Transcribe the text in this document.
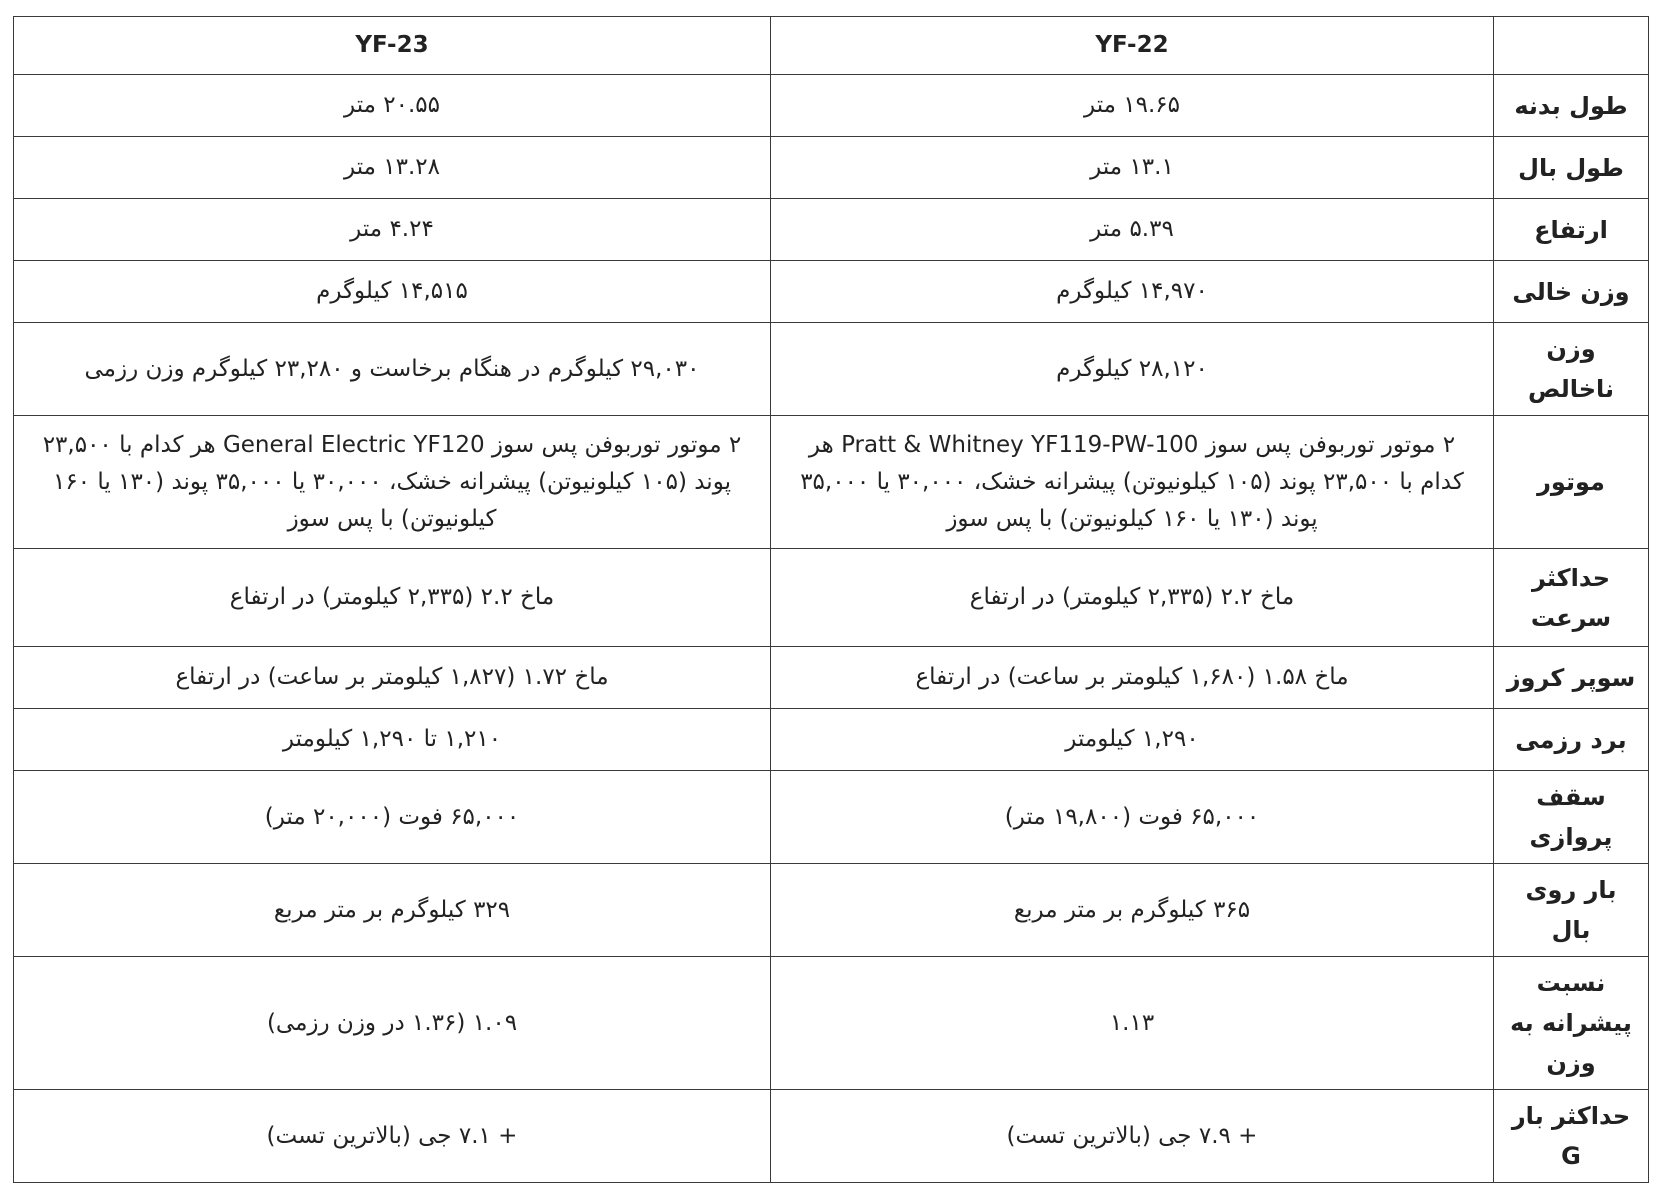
	YF-22	YF-23
طول بدنه	۱۹.۶۵ متر	۲۰.۵۵ متر
طول بال	۱۳.۱ متر	۱۳.۲۸ متر
ارتفاع	۵.۳۹ متر	۴.۲۴ متر
وزن خالی	۱۴,۹۷۰ کیلوگرم	۱۴,۵۱۵ کیلوگرم
وزن ناخالص	۲۸,۱۲۰ کیلوگرم	۲۹,۰۳۰ کیلوگرم در هنگام برخاست و ۲۳,۲۸۰ کیلوگرم وزن رزمی
موتور	۲ موتور توربوفن پس سوز Pratt & Whitney YF119-PW-100 هر کدام با ۲۳,۵۰۰ پوند (۱۰۵ کیلونیوتن) پیشرانه خشک، ۳۰,۰۰۰ یا ۳۵,۰۰۰ پوند (۱۳۰ یا ۱۶۰ کیلونیوتن) با پس سوز	۲ موتور توربوفن پس سوز General Electric YF120 هر کدام با ۲۳,۵۰۰ پوند (۱۰۵ کیلونیوتن) پیشرانه خشک، ۳۰,۰۰۰ یا ۳۵,۰۰۰ پوند (۱۳۰ یا ۱۶۰ کیلونیوتن) با پس سوز
حداکثر سرعت	ماخ ۲.۲ (۲,۳۳۵ کیلومتر) در ارتفاع	ماخ ۲.۲ (۲,۳۳۵ کیلومتر) در ارتفاع
سوپر کروز	ماخ ۱.۵۸ (۱,۶۸۰ کیلومتر بر ساعت) در ارتفاع	ماخ ۱.۷۲ (۱,۸۲۷ کیلومتر بر ساعت) در ارتفاع
برد رزمی	۱,۲۹۰ کیلومتر	۱,۲۱۰ تا ۱,۲۹۰ کیلومتر
سقف پروازی	۶۵,۰۰۰ فوت (۱۹,۸۰۰ متر)	۶۵,۰۰۰ فوت (۲۰,۰۰۰ متر)
بار روی بال	۳۶۵ کیلوگرم بر متر مربع	۳۲۹ کیلوگرم بر متر مربع
نسبت پیشرانه به وزن	۱.۱۳	۱.۰۹ (۱.۳۶ در وزن رزمی)
حداکثر بار G	+ ۷.۹ جی (بالاترین تست)	+ ۷.۱ جی (بالاترین تست)
